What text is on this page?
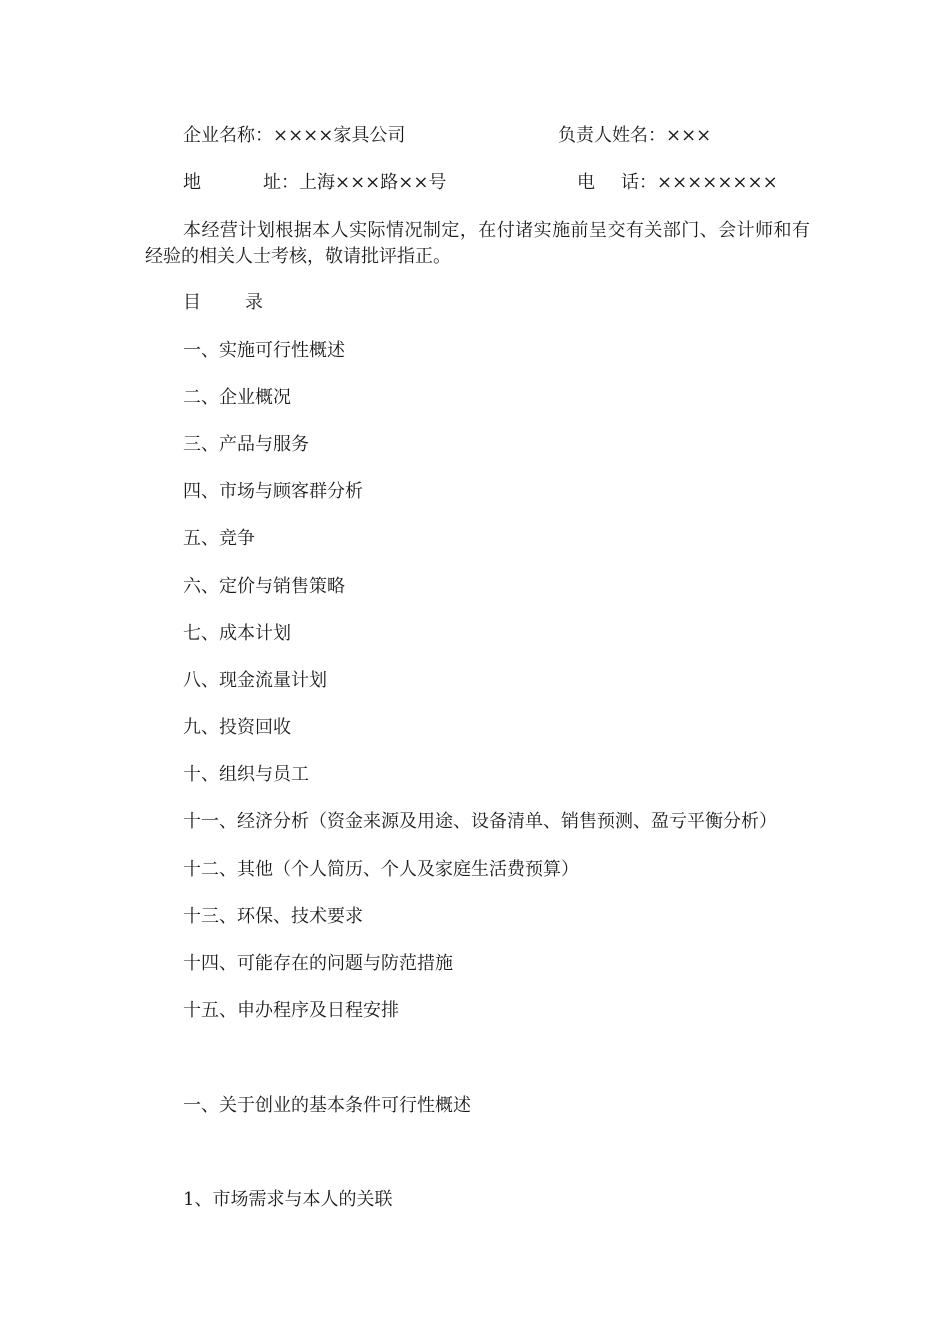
企业名称：××××家具公司	负责人姓名：×××
地	址：上海×××路××号	电 话：××××××××
本经营计划根据本人实际情况制定，在付诸实施前呈交有关部门、会计师和有经验的相关人士考核，敬请批评指正。
目 录
一、实施可行性概述
二、企业概况
三、产品与服务
四、市场与顾客群分析
五、竞争
六、定价与销售策略
七、成本计划
八、现金流量计划
九、投资回收
十、组织与员工
十一、经济分析（资金来源及用途、设备清单、销售预测、盈亏平衡分析）
十二、其他（个人简历、个人及家庭生活费预算）
十三、环保、技术要求
十四、可能存在的问题与防范措施
十五、申办程序及日程安排
一、关于创业的基本条件可行性概述
1、市场需求与本人的关联
